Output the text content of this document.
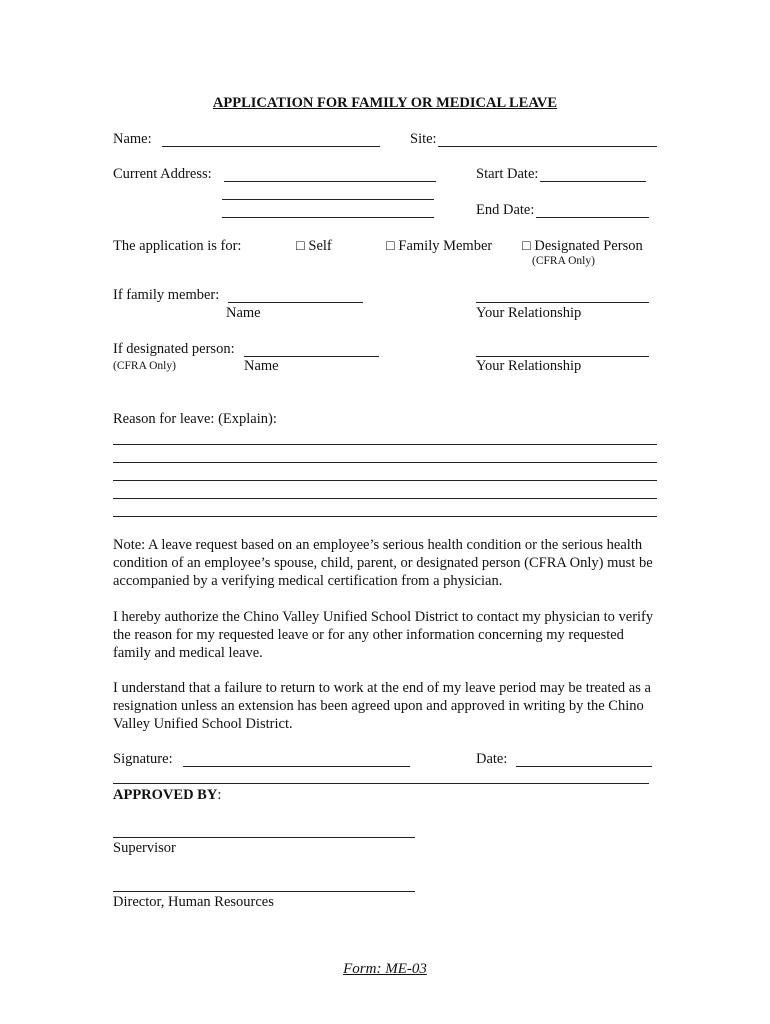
APPLICATION FOR FAMILY OR MEDICAL LEAVE
Name:	Site:
Current Address:	Start Date:
End Date:
The application is for:	□ Self	□ Family Member □ Designated Person
(CFRA Only)
If family member:
Name	Your Relationship
If designated person:
(CFRA Only)	Name	Your Relationship
Reason for leave: (Explain):
Note: A leave request based on an employee’s serious health condition or the serious health condition of an employee’s spouse, child, parent, or designated person (CFRA Only) must be accompanied by a verifying medical certification from a physician.
I hereby authorize the Chino Valley Unified School District to contact my physician to verify the reason for my requested leave or for any other information concerning my requested family and medical leave.
I understand that a failure to return to work at the end of my leave period may be treated as a resignation unless an extension has been agreed upon and approved in writing by the Chino Valley Unified School District.
Signature:	Date:
APPROVED BY:
Supervisor
Director, Human Resources
Form: ME-03
